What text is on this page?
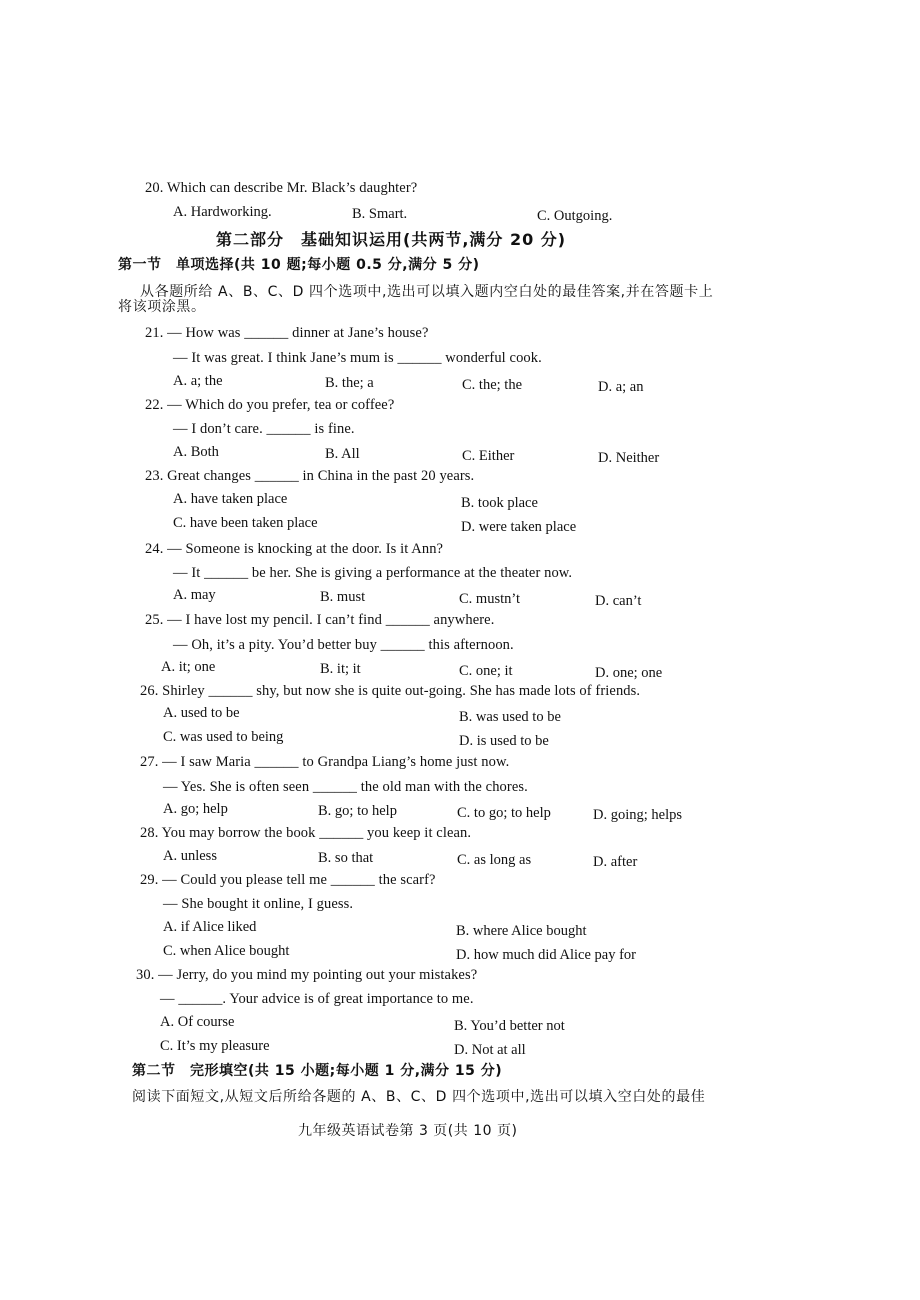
20. Which can describe Mr. Black’s daughter?
A. Hardworking.	B. Smart.	C. Outgoing.
第二部分　基础知识运用(共两节,满分 20 分)
第一节　单项选择(共 10 题;每小题 0.5 分,满分 5 分)
从各题所给 A、B、C、D 四个选项中,选出可以填入题内空白处的最佳答案,并在答题卡上
将该项涂黑。
21. — How was ______ dinner at Jane’s house?
— It was great. I think Jane’s mum is ______ wonderful cook.
A. a; the	B. the; a	C. the; the	D. a; an
22. — Which do you prefer, tea or coffee?
— I don’t care. ______ is fine.
A. Both	B. All	C. Either	D. Neither
23. Great changes ______ in China in the past 20 years.
A. have taken place	B. took place
C. have been taken place	D. were taken place
24. — Someone is knocking at the door. Is it Ann?
— It ______ be her. She is giving a performance at the theater now.
A. may	B. must	C. mustn’t	D. can’t
25. — I have lost my pencil. I can’t find ______ anywhere.
— Oh, it’s a pity. You’d better buy ______ this afternoon.
A. it; one	B. it; it	C. one; it	D. one; one
26. Shirley ______ shy, but now she is quite out-going. She has made lots of friends.
A. used to be	B. was used to be
C. was used to being	D. is used to be
27. — I saw Maria ______ to Grandpa Liang’s home just now.
— Yes. She is often seen ______ the old man with the chores.
A. go; help	B. go; to help	C. to go; to help	D. going; helps
28. You may borrow the book ______ you keep it clean.
A. unless	B. so that	C. as long as	D. after
29. — Could you please tell me ______ the scarf?
— She bought it online, I guess.
A. if Alice liked	B. where Alice bought
C. when Alice bought	D. how much did Alice pay for
30. — Jerry, do you mind my pointing out your mistakes?
— ______. Your advice is of great importance to me.
A. Of course	B. You’d better not
C. It’s my pleasure	D. Not at all
第二节　完形填空(共 15 小题;每小题 1 分,满分 15 分)
阅读下面短文,从短文后所给各题的 A、B、C、D 四个选项中,选出可以填入空白处的最佳
九年级英语试卷第 3 页(共 10 页)
